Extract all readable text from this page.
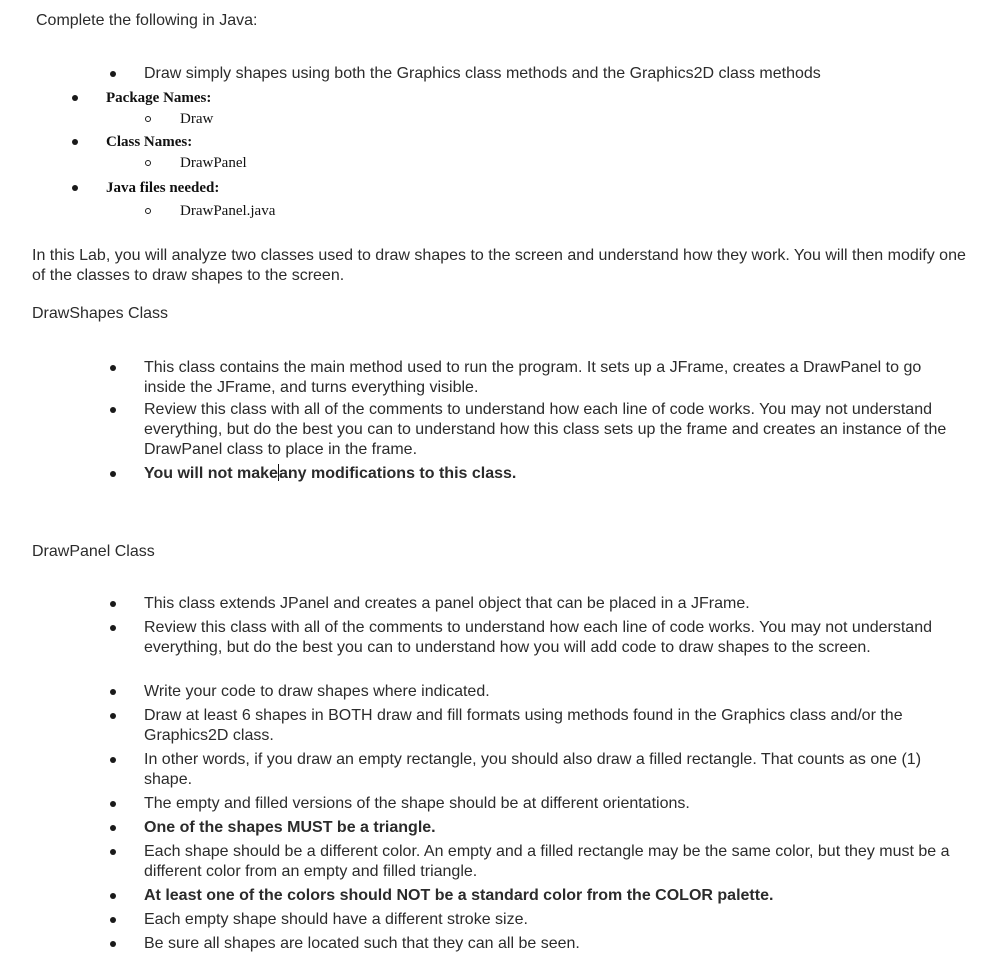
Complete the following in Java:
Draw simply shapes using both the Graphics class methods and the Graphics2D class methods
Package Names:
Draw
Class Names:
DrawPanel
Java files needed:
DrawPanel.java
In this Lab, you will analyze two classes used to draw shapes to the screen and understand how they work. You will then modify one of the classes to draw shapes to the screen.
DrawShapes Class
This class contains the main method used to run the program. It sets up a JFrame, creates a DrawPanel to go inside the JFrame, and turns everything visible.
Review this class with all of the comments to understand how each line of code works. You may not understand everything, but do the best you can to understand how this class sets up the frame and creates an instance of the DrawPanel class to place in the frame.
You will not makeany modifications to this class.
DrawPanel Class
This class extends JPanel and creates a panel object that can be placed in a JFrame.
Review this class with all of the comments to understand how each line of code works. You may not understand everything, but do the best you can to understand how you will add code to draw shapes to the screen.
Write your code to draw shapes where indicated.
Draw at least 6 shapes in BOTH draw and fill formats using methods found in the Graphics class and/or the Graphics2D class.
In other words, if you draw an empty rectangle, you should also draw a filled rectangle. That counts as one (1) shape.
The empty and filled versions of the shape should be at different orientations.
One of the shapes MUST be a triangle.
Each shape should be a different color. An empty and a filled rectangle may be the same color, but they must be a different color from an empty and filled triangle.
At least one of the colors should NOT be a standard color from the COLOR palette.
Each empty shape should have a different stroke size.
Be sure all shapes are located such that they can all be seen.
